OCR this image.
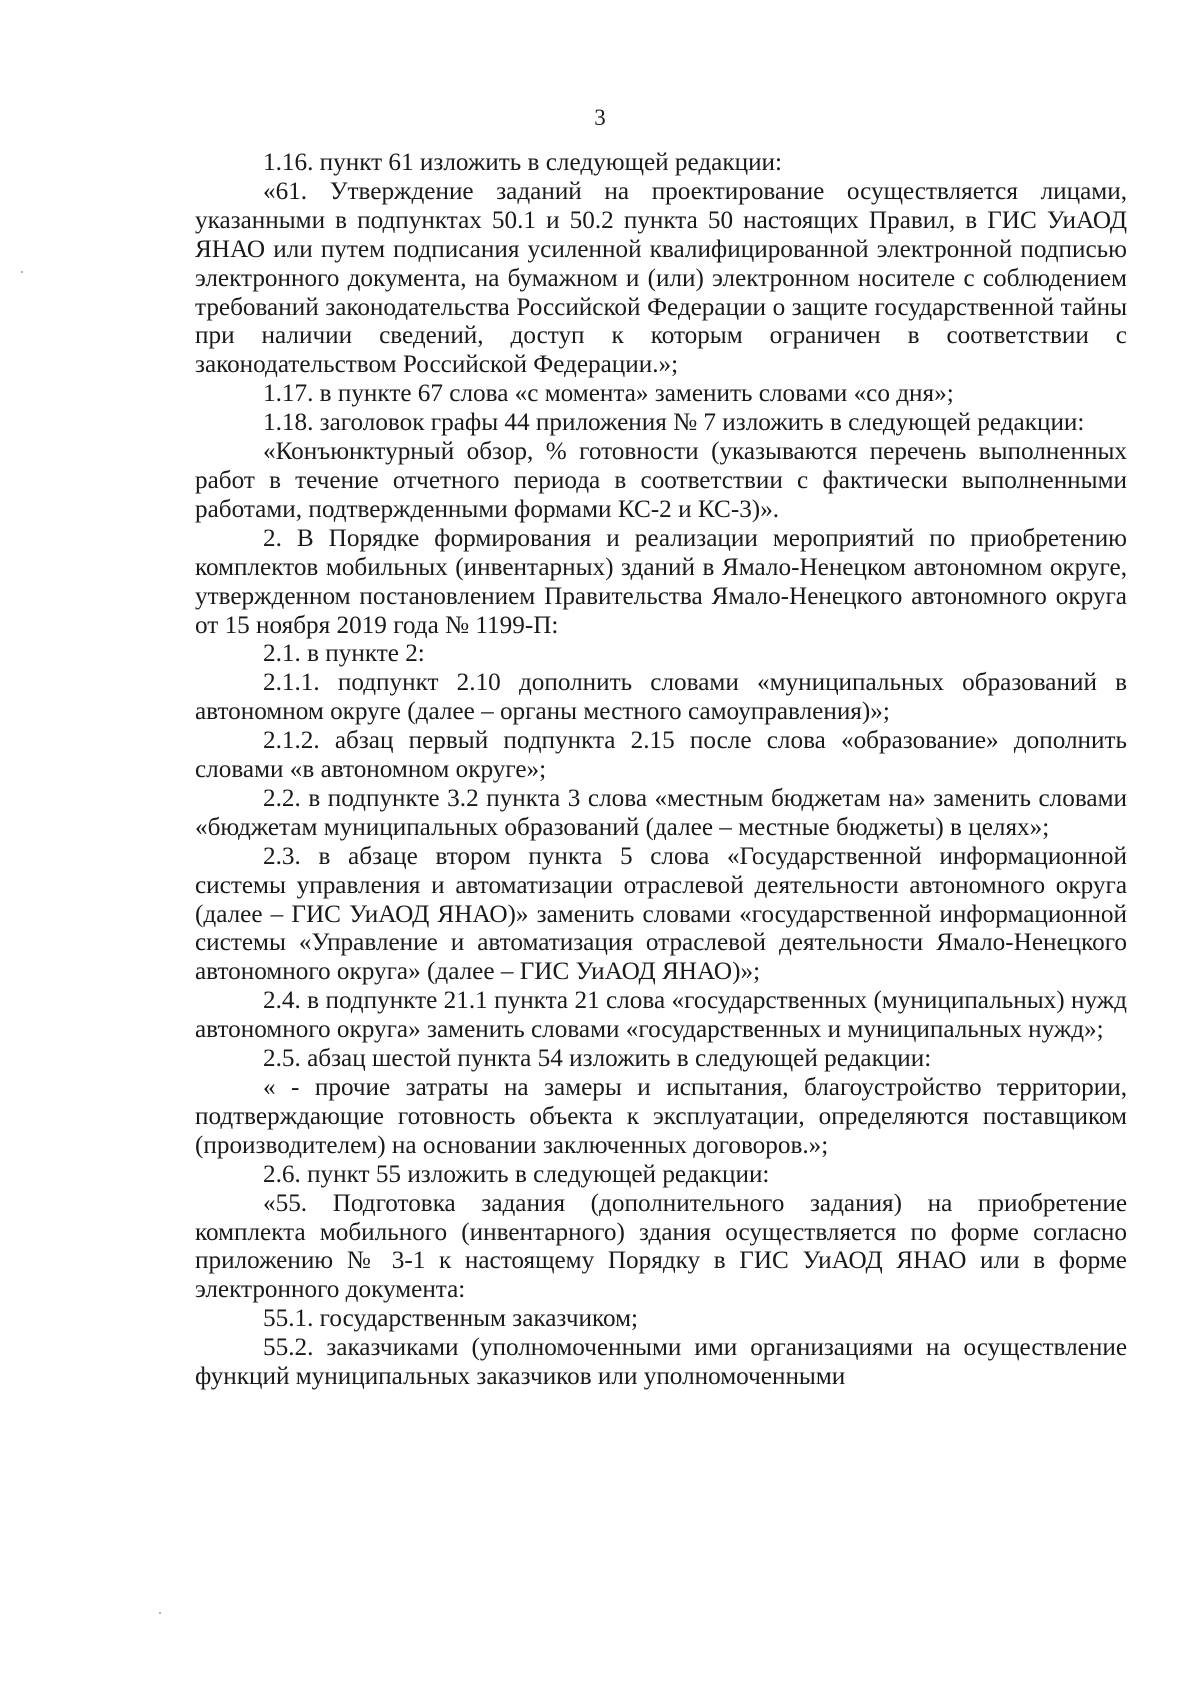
3

1.16. пункт 61 изложить в следующей редакции:

«61. Утверждение заданий на проектирование осуществляется лицами, указанными в подпунктах 50.1 и 50.2 пункта 50 настоящих Правил, в ГИС УиАОД ЯНАО или путем подписания усиленной квалифицированной электронной подписью электронного документа, на бумажном и (или) электронном носителе с соблюдением требований законодательства Российской Федерации о защите государственной тайны при наличии сведений, доступ к которым ограничен в соответствии с законодательством Российской Федерации.»;

1.17. в пункте 67 слова «с момента» заменить словами «со дня»;

1.18. заголовок графы 44 приложения № 7 изложить в следующей редакции:

«Конъюнктурный обзор, % готовности (указываются перечень выполненных работ в течение отчетного периода в соответствии с фактически выполненными работами, подтвержденными формами КС-2 и КС-3)».

2. В Порядке формирования и реализации мероприятий по приобретению комплектов мобильных (инвентарных) зданий в Ямало-Ненецком автономном округе, утвержденном постановлением Правительства Ямало-Ненецкого автономного округа от 15 ноября 2019 года № 1199-П:

2.1. в пункте 2:

2.1.1. подпункт 2.10 дополнить словами «муниципальных образований в автономном округе (далее – органы местного самоуправления)»;

2.1.2. абзац первый подпункта 2.15 после слова «образование» дополнить словами «в автономном округе»;

2.2. в подпункте 3.2 пункта 3 слова «местным бюджетам на» заменить словами «бюджетам муниципальных образований (далее – местные бюджеты) в целях»;

2.3. в абзаце втором пункта 5 слова «Государственной информационной системы управления и автоматизации отраслевой деятельности автономного округа (далее – ГИС УиАОД ЯНАО)» заменить словами «государственной информационной системы «Управление и автоматизация отраслевой деятельности Ямало-Ненецкого автономного округа» (далее – ГИС УиАОД ЯНАО)»;

2.4. в подпункте 21.1 пункта 21 слова «государственных (муниципальных) нужд автономного округа» заменить словами «государственных и муниципальных нужд»;

2.5. абзац шестой пункта 54 изложить в следующей редакции:

« - прочие затраты на замеры и испытания, благоустройство территории, подтверждающие готовность объекта к эксплуатации, определяются поставщиком (производителем) на основании заключенных договоров.»;

2.6. пункт 55 изложить в следующей редакции:

«55. Подготовка задания (дополнительного задания) на приобретение комплекта мобильного (инвентарного) здания осуществляется по форме согласно приложению № 3-1 к настоящему Порядку в ГИС УиАОД ЯНАО или в форме электронного документа:

55.1. государственным заказчиком;

55.2. заказчиками (уполномоченными ими организациями на осуществление функций муниципальных заказчиков или уполномоченными
